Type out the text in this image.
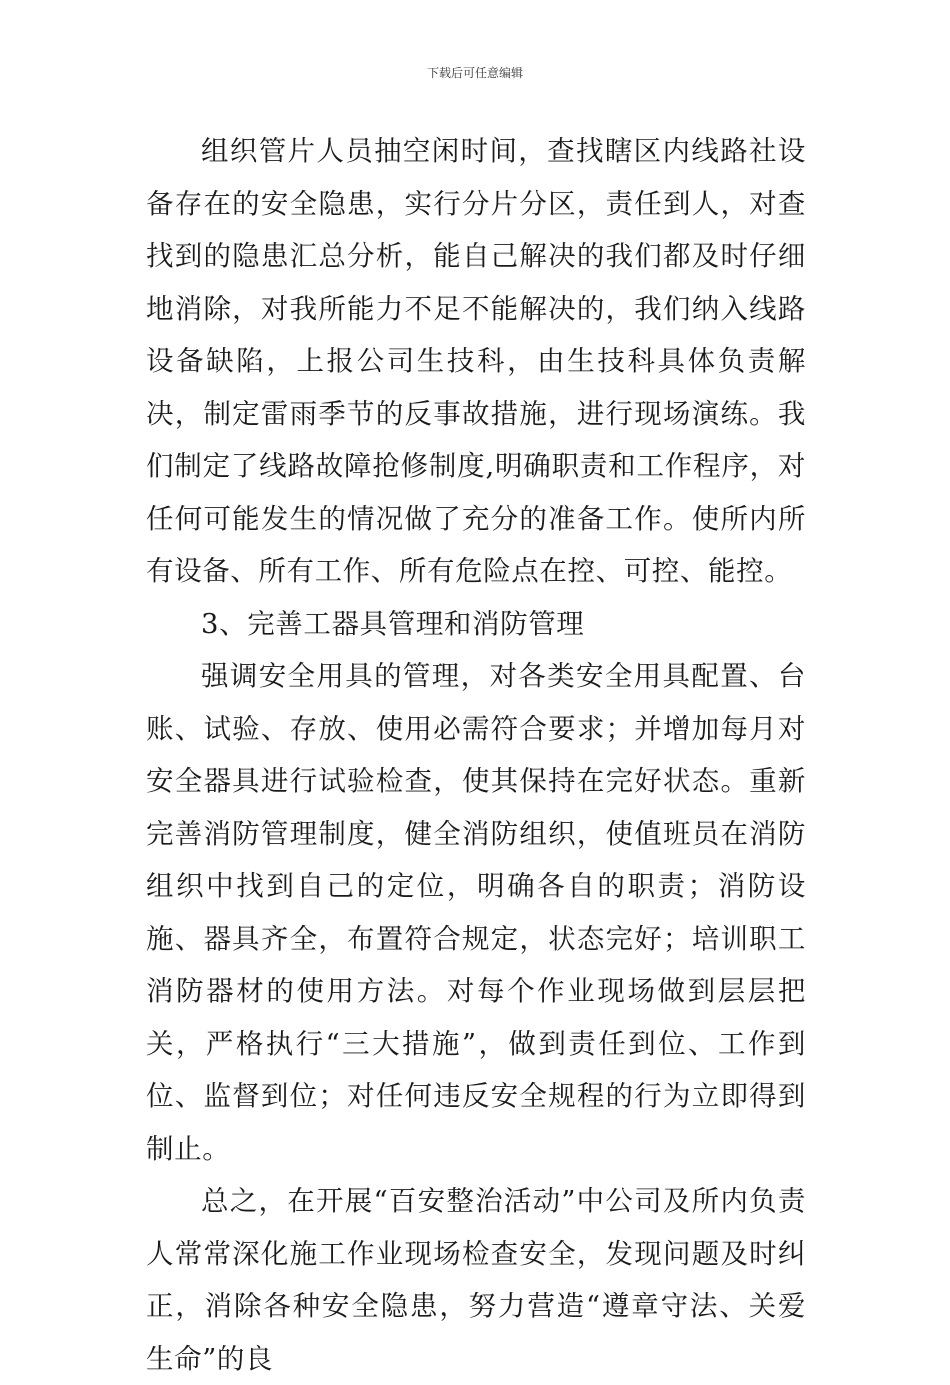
下载后可任意编辑

组织管片人员抽空闲时间，查找瞎区内线路社设备存在的安全隐患，实行分片分区，责任到人，对查找到的隐患汇总分析，能自己解决的我们都及时仔细地消除，对我所能力不足不能解决的，我们纳入线路设备缺陷，上报公司生技科，由生技科具体负责解决，制定雷雨季节的反事故措施，进行现场演练。我们制定了线路故障抢修制度,明确职责和工作程序，对任何可能发生的情况做了充分的准备工作。使所内所有设备、所有工作、所有危险点在控、可控、能控。

3、完善工器具管理和消防管理

强调安全用具的管理，对各类安全用具配置、台账、试验、存放、使用必需符合要求；并增加每月对安全器具进行试验检查，使其保持在完好状态。重新完善消防管理制度，健全消防组织，使值班员在消防组织中找到自己的定位，明确各自的职责；消防设施、器具齐全，布置符合规定，状态完好；培训职工消防器材的使用方法。对每个作业现场做到层层把关，严格执行“三大措施”，做到责任到位、工作到位、监督到位；对任何违反安全规程的行为立即得到制止。

总之，在开展“百安整治活动”中公司及所内负责人常常深化施工作业现场检查安全，发现问题及时纠正，消除各种安全隐患，努力营造“遵章守法、关爱生命”的良
